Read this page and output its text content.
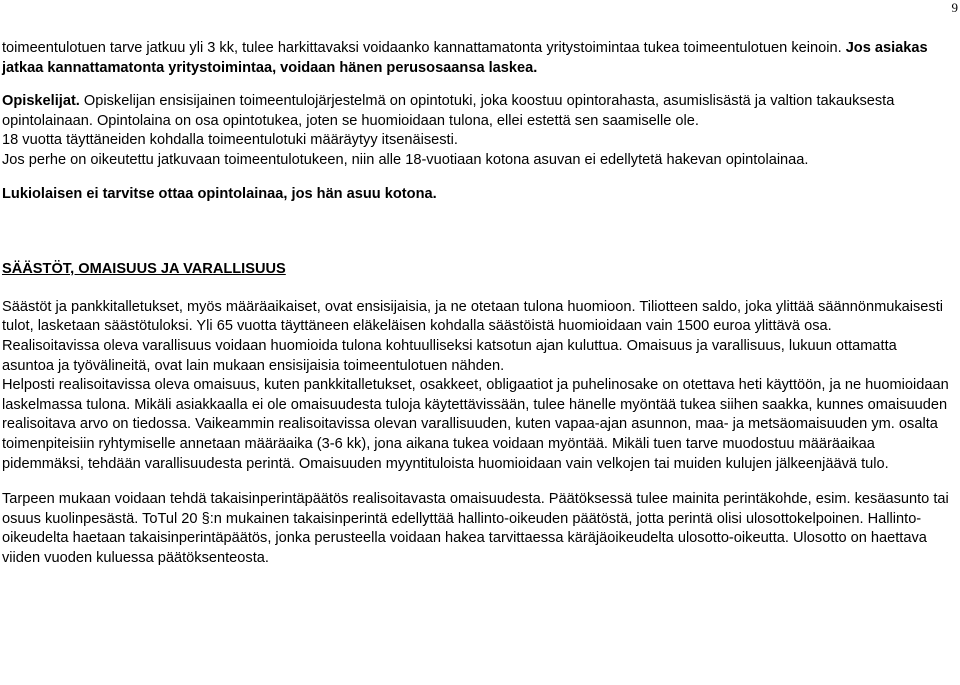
9

toimeentulotuen tarve jatkuu yli 3 kk, tulee harkittavaksi voidaanko kannattamatonta yritystoimintaa tukea toimeentulotuen keinoin. Jos asiakas jatkaa kannattamatonta yritystoimintaa, voidaan hänen perusosaansa laskea.

Opiskelijat. Opiskelijan ensisijainen toimeentulojärjestelmä on opintotuki, joka koostuu opintorahasta, asumislisästä ja valtion takauksesta opintolainaan. Opintolaina on osa opintotukea, joten se huomioidaan tulona, ellei estettä sen saamiselle ole.

18 vuotta täyttäneiden kohdalla toimeentulotuki määräytyy itsenäisesti.

Jos perhe on oikeutettu jatkuvaan toimeentulotukeen, niin alle 18-vuotiaan kotona asuvan ei edellytetä hakevan opintolainaa.

Lukiolaisen ei tarvitse ottaa opintolainaa, jos hän asuu kotona.

SÄÄSTÖT, OMAISUUS JA VARALLISUUS

Säästöt ja pankkitalletukset, myös määräaikaiset, ovat ensisijaisia, ja ne otetaan tulona huomioon. Tiliotteen saldo, joka ylittää säännönmukaisesti tulot, lasketaan säästötuloksi. Yli 65 vuotta täyttäneen eläkeläisen kohdalla säästöistä huomioidaan vain 1500 euroa ylittävä osa.

Realisoitavissa oleva varallisuus voidaan huomioida tulona kohtuulliseksi katsotun ajan kuluttua. Omaisuus ja varallisuus, lukuun ottamatta asuntoa ja työvälineitä, ovat lain mukaan ensisijaisia toimeentulotuen nähden.

Helposti realisoitavissa oleva omaisuus, kuten pankkitalletukset, osakkeet, obligaatiot ja puhelinosake on otettava heti käyttöön, ja ne huomioidaan laskelmassa tulona. Mikäli asiakkaalla ei ole omaisuudesta tuloja käytettävissään, tulee hänelle myöntää tukea siihen saakka, kunnes omaisuuden realisoitava arvo on tiedossa. Vaikeammin realisoitavissa olevan varallisuuden, kuten vapaa-ajan asunnon, maa- ja metsäomaisuuden ym. osalta toimenpiteisiin ryhtymiselle annetaan määräaika (3-6 kk), jona aikana tukea voidaan myöntää. Mikäli tuen tarve muodostuu määräaikaa pidemmäksi, tehdään varallisuudesta perintä. Omaisuuden myyntituloista huomioidaan vain velkojen tai muiden kulujen jälkeenjäävä tulo.

Tarpeen mukaan voidaan tehdä takaisinperintäpäätös realisoitavasta omaisuudesta. Päätöksessä tulee mainita perintäkohde, esim. kesäasunto tai osuus kuolinpesästä. ToTul 20 §:n mukainen takaisinperintä edellyttää hallinto-oikeuden päätöstä, jotta perintä olisi ulosottokelpoinen. Hallinto-oikeudelta haetaan takaisinperintäpäätös, jonka perusteella voidaan hakea tarvittaessa käräjäoikeudelta ulosotto-oikeutta. Ulosotto on haettava viiden vuoden kuluessa päätöksenteosta.
